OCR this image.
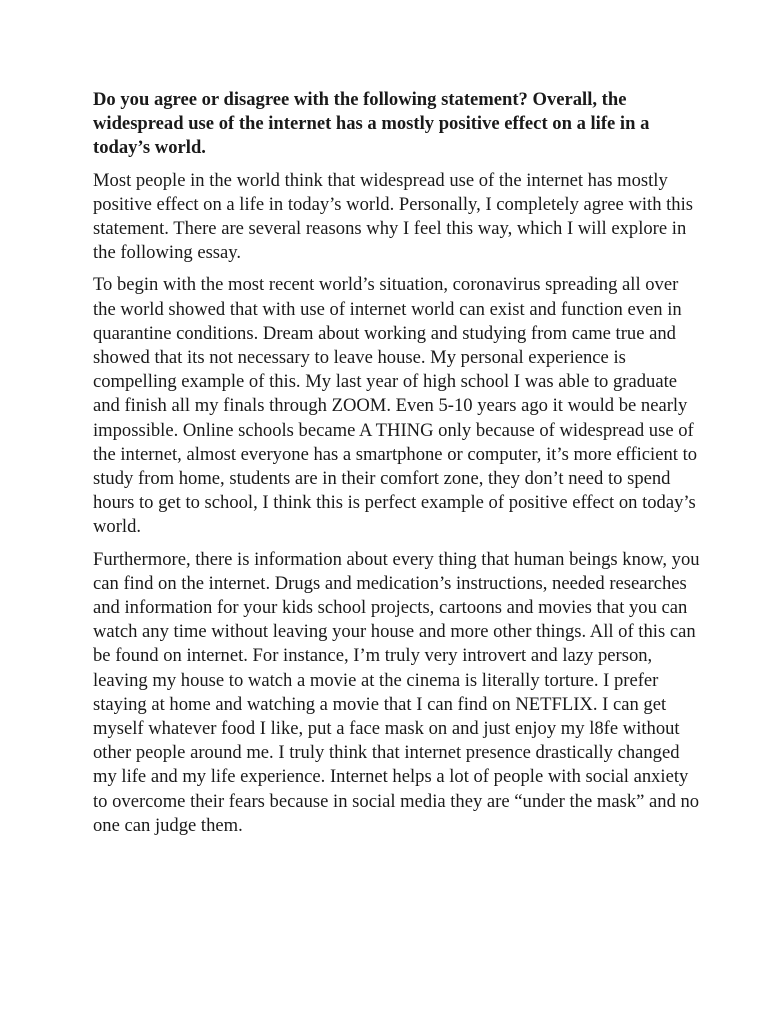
Do you agree or disagree with the following statement? Overall, the widespread use of the internet has a mostly positive effect on a life in a today’s world.

Most people in the world think that widespread use of the internet has mostly positive effect on a life in today’s world. Personally, I completely agree with this statement. There are several reasons why I feel this way, which I will explore in the following essay.

To begin with the most recent world’s situation, coronavirus spreading all over the world showed that with use of internet world can exist and function even in quarantine conditions. Dream about working and studying from came true and showed that its not necessary to leave house. My personal experience is compelling example of this. My last year of high school I was able to graduate and finish all my finals through ZOOM. Even 5-10 years ago it would be nearly impossible. Online schools became A THING only because of widespread use of the internet, almost everyone has a smartphone or computer, it’s more efficient to study from home, students are in their comfort zone, they don’t need to spend hours to get to school, I think this is perfect example of positive effect on today’s world.

Furthermore, there is information about every thing that human beings know, you can find on the internet. Drugs and medication’s instructions, needed researches and information for your kids school projects, cartoons and movies that you can watch any time without leaving your house and more other things. All of this can be found on internet. For instance, I’m truly very introvert and lazy person, leaving my house to watch a movie at the cinema is literally torture. I prefer staying at home and watching a movie that I can find on NETFLIX. I can get myself whatever food I like, put a face mask on and just enjoy my l8fe without other people around me. I truly think that internet presence drastically changed my life and my life experience. Internet helps a lot of people with social anxiety to overcome their fears because in social media they are “under the mask” and no one can judge them.
